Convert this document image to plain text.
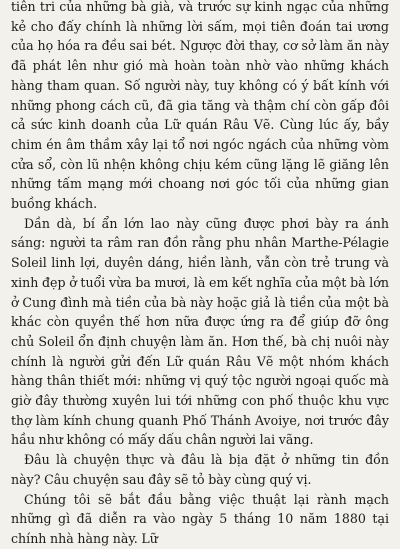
tiên tri của những bà già, và trước sự kinh ngạc của những kẻ cho đấy chính là những lời sấm, mọi tiên đoán tai ương của họ hóa ra đều sai bét. Ngược đời thay, cơ sở làm ăn này đã phát lên như gió mà hoàn toàn nhờ vào những khách hàng tham quan. Số người này, tuy không có ý bất kính với những phong cách cũ, đã gia tăng và thậm chí còn gấp đôi cả sức kinh doanh của Lữ quán Râu Vẽ. Cùng lúc ấy, bầy chim én âm thầm xây lại tổ nơi ngóc ngách của những vòm cửa sổ, còn lũ nhện không chịu kém cũng lặng lẽ giăng lên những tấm mạng mới choang nơi góc tối của những gian buồng khách.

Dần dà, bí ẩn lớn lao này cũng được phơi bày ra ánh sáng: người ta râm ran đồn rằng phu nhân Marthe-Pélagie Soleil linh lợi, duyên dáng, hiền lành, vẫn còn trẻ trung và xinh đẹp ở tuổi vừa ba mươi, là em kết nghĩa của một bà lớn ở Cung đình mà tiền của bà này hoặc giả là tiền của một bà khác còn quyền thế hơn nữa được ứng ra để giúp đỡ ông chủ Soleil ổn định chuyện làm ăn. Hơn thế, bà chị nuôi này chính là người gửi đến Lữ quán Râu Vẽ một nhóm khách hàng thân thiết mới: những vị quý tộc người ngoại quốc mà giờ đây thường xuyên lui tới những con phố thuộc khu vực thợ làm kính chung quanh Phố Thánh Avoiye, nơi trước đây hầu như không có mấy dấu chân người lai vãng.

Đâu là chuyện thực và đâu là bịa đặt ở những tin đồn này? Câu chuyện sau đây sẽ tỏ bày cùng quý vị.

Chúng tôi sẽ bắt đầu bằng việc thuật lại rành mạch những gì đã diễn ra vào ngày 5 tháng 10 năm 1880 tại chính nhà hàng này. Lữ
